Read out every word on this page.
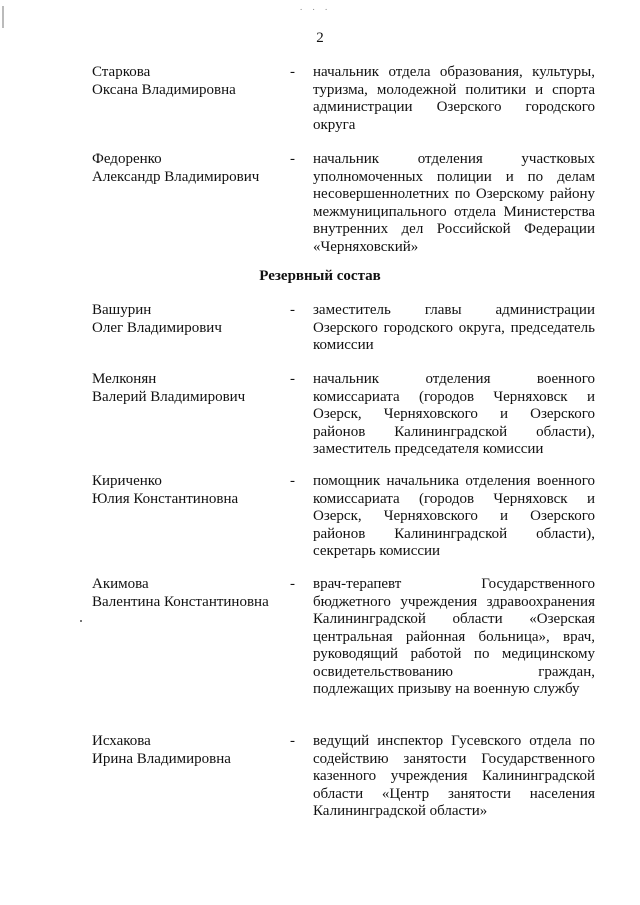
. . .
2
Старкова
Оксана Владимировна
- начальник отдела образования, культуры, туризма, молодежной политики и спорта администрации Озерского городского округа
Федоренко
Александр Владимирович
- начальник отделения участковых уполномоченных полиции и по делам несовершеннолетних по Озерскому району межмуниципального отдела Министерства внутренних дел Российской Федерации «Черняховский»
Резервный состав
Вашурин
Олег Владимирович
- заместитель главы администрации Озерского городского округа, председатель комиссии
Мелконян
Валерий Владимирович
- начальник отделения военного комиссариата (городов Черняховск и Озерск, Черняховского и Озерского районов Калининградской области), заместитель председателя комиссии
Кириченко
Юлия Константиновна
- помощник начальника отделения военного комиссариата (городов Черняховск и Озерск, Черняховского и Озерского районов Калининградской области), секретарь комиссии
Акимова
Валентина Константиновна
- врач-терапевт Государственного бюджетного учреждения здравоохранения Калининградской области «Озерская центральная районная больница», врач, руководящий работой по медицинскому освидетельствованию граждан, подлежащих призыву на военную службу
Исхакова
Ирина Владимировна
- ведущий инспектор Гусевского отдела по содействию занятости Государственного казенного учреждения Калининградской области «Центр занятости населения Калининградской области»
